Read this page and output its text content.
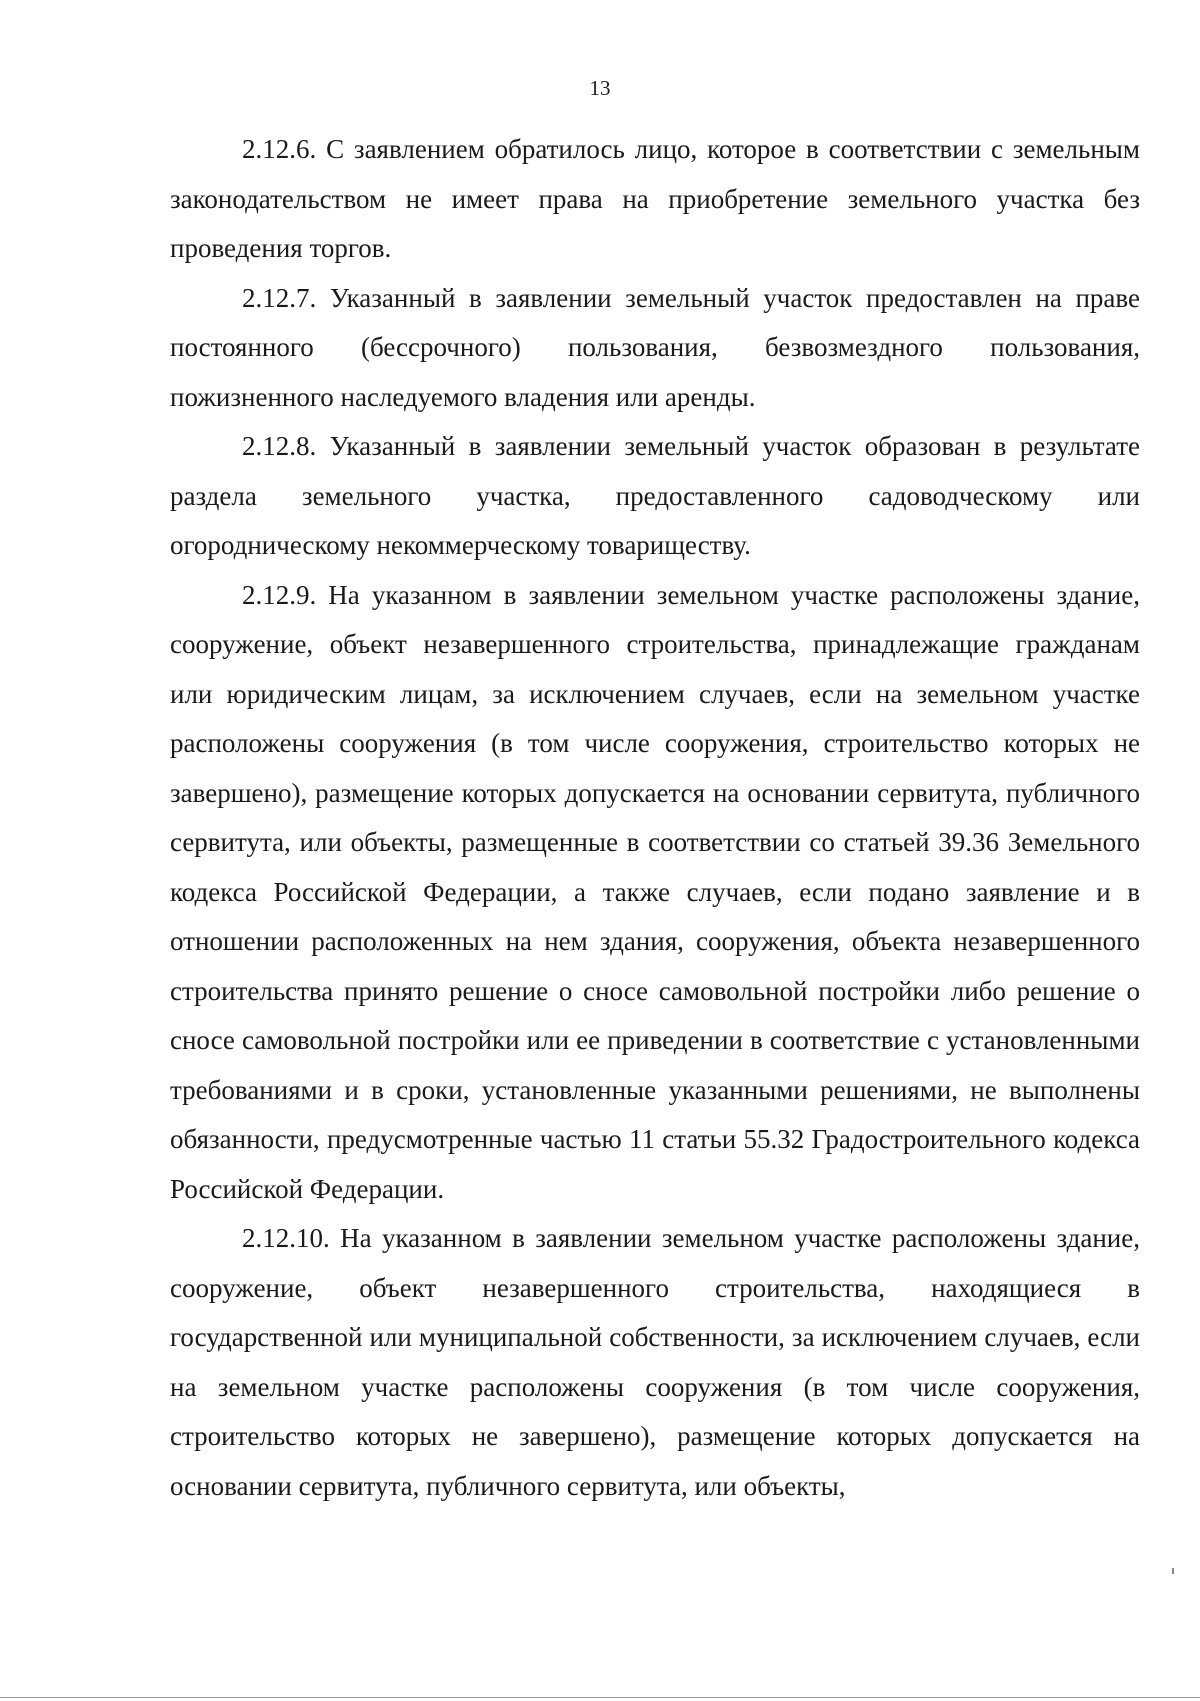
13

2.12.6. С заявлением обратилось лицо, которое в соответствии с земельным законодательством не имеет права на приобретение земельного участка без проведения торгов.

2.12.7. Указанный в заявлении земельный участок предоставлен на праве постоянного (бессрочного) пользования, безвозмездного пользования, пожизненного наследуемого владения или аренды.

2.12.8. Указанный в заявлении земельный участок образован в результате раздела земельного участка, предоставленного садоводческому или огородническому некоммерческому товариществу.

2.12.9. На указанном в заявлении земельном участке расположены здание, сооружение, объект незавершенного строительства, принадлежащие гражданам или юридическим лицам, за исключением случаев, если на земельном участке расположены сооружения (в том числе сооружения, строительство которых не завершено), размещение которых допускается на основании сервитута, публичного сервитута, или объекты, размещенные в соответствии со статьей 39.36 Земельного кодекса Российской Федерации, а также случаев, если подано заявление и в отношении расположенных на нем здания, сооружения, объекта незавершенного строительства принято решение о сносе самовольной постройки либо решение о сносе самовольной постройки или ее приведении в соответствие с установленными требованиями и в сроки, установленные указанными решениями, не выполнены обязанности, предусмотренные частью 11 статьи 55.32 Градостроительного кодекса Российской Федерации.

2.12.10. На указанном в заявлении земельном участке расположены здание, сооружение, объект незавершенного строительства, находящиеся в государственной или муниципальной собственности, за исключением случаев, если на земельном участке расположены сооружения (в том числе сооружения, строительство которых не завершено), размещение которых допускается на основании сервитута, публичного сервитута, или объекты,
